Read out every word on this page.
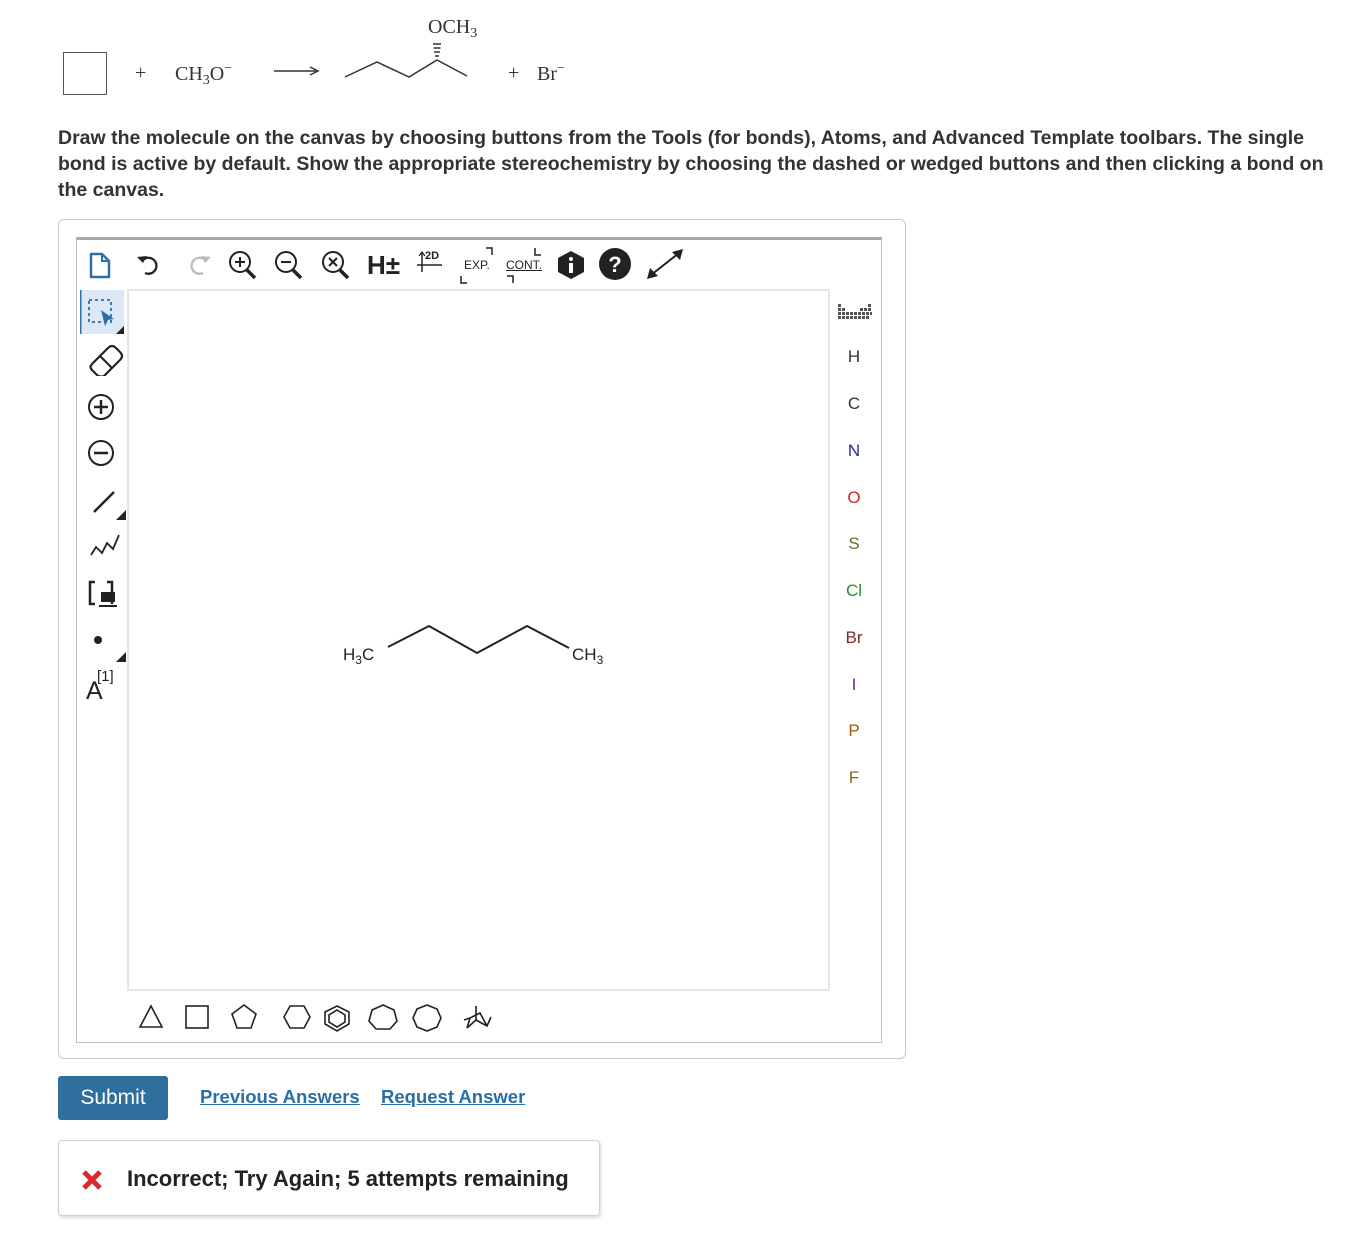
+ $CH_3O^-$
$OCH_3$
+ Br−
Draw the molecule on the canvas by choosing buttons from the Tools (for bonds), Atoms, and Advanced Template toolbars. The single bond is active by default. Show the appropriate stereochemistry by choosing the dashed or wedged buttons and then clicking a bond on the canvas.
H± 2D
EXP. CONT.	?
A
[1]
$H_3C$	$CH_3$
H
C
N
O
S
Cl
Br
I
P
F
Submit	Previous Answers Request Answer
Incorrect; Try Again; 5 attempts remaining
